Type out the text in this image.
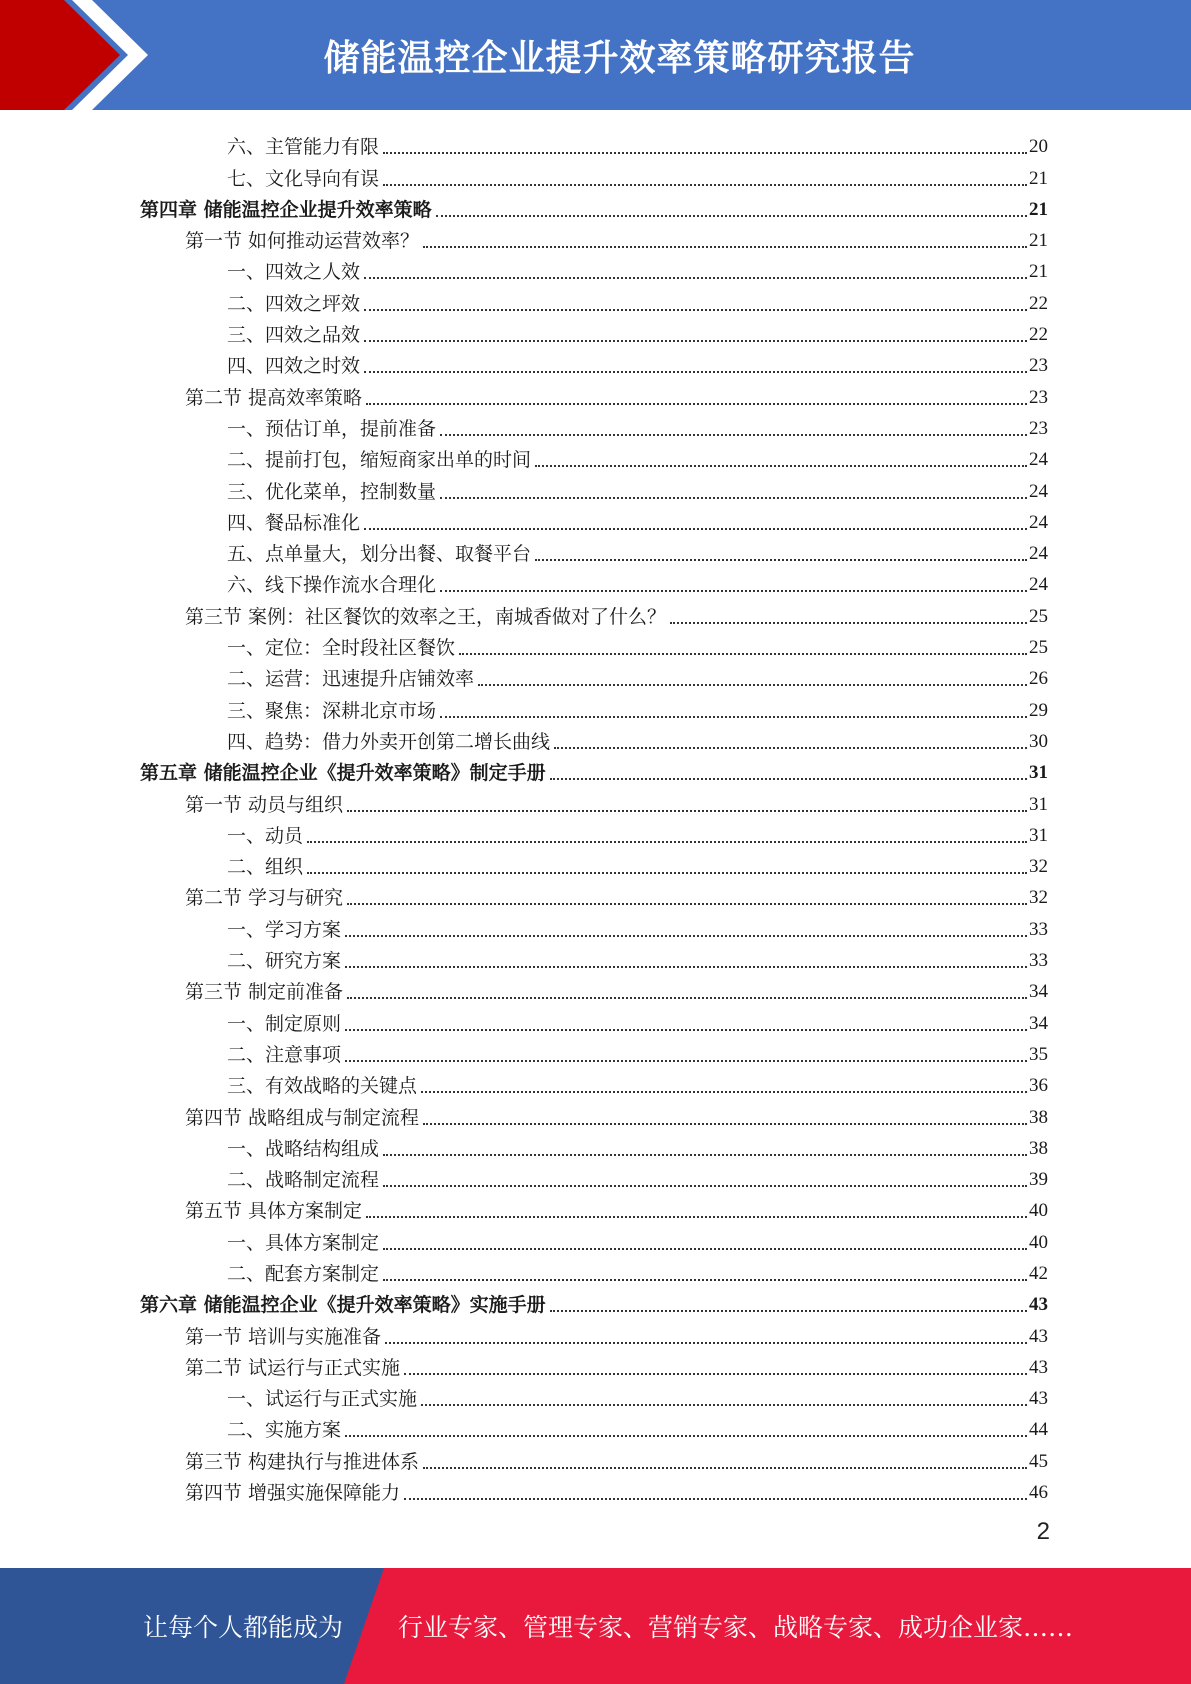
储能温控企业提升效率策略研究报告
六、主管能力有限	20
七、文化导向有误	21
第四章 储能温控企业提升效率策略	21
第一节 如何推动运营效率？	21
一、四效之人效	21
二、四效之坪效	22
三、四效之品效	22
四、四效之时效	23
第二节 提高效率策略	23
一、预估订单，提前准备	23
二、提前打包，缩短商家出单的时间	24
三、优化菜单，控制数量	24
四、餐品标准化	24
五、点单量大，划分出餐、取餐平台	24
六、线下操作流水合理化	24
第三节 案例：社区餐饮的效率之王，南城香做对了什么？	25
一、定位：全时段社区餐饮	25
二、运营：迅速提升店铺效率	26
三、聚焦：深耕北京市场	29
四、趋势：借力外卖开创第二增长曲线	30
第五章 储能温控企业《提升效率策略》制定手册	31
第一节 动员与组织	31
一、动员	31
二、组织	32
第二节 学习与研究	32
一、学习方案	33
二、研究方案	33
第三节 制定前准备	34
一、制定原则	34
二、注意事项	35
三、有效战略的关键点	36
第四节 战略组成与制定流程	38
一、战略结构组成	38
二、战略制定流程	39
第五节 具体方案制定	40
一、具体方案制定	40
二、配套方案制定	42
第六章 储能温控企业《提升效率策略》实施手册	43
第一节 培训与实施准备	43
第二节 试运行与正式实施	43
一、试运行与正式实施	43
二、实施方案	44
第三节 构建执行与推进体系	45
第四节 增强实施保障能力	46
2
让每个人都能成为 行业专家、管理专家、营销专家、战略专家、成功企业家……
